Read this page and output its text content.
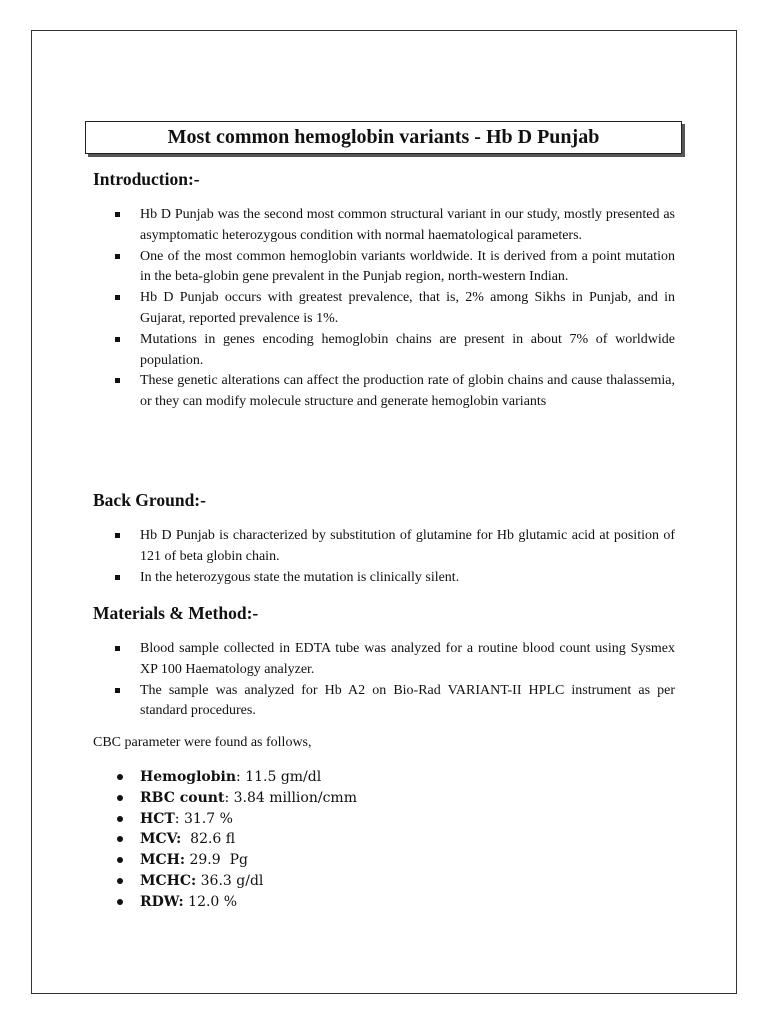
Most common hemoglobin variants - Hb D Punjab
Introduction:-
Hb D Punjab was the second most common structural variant in our study, mostly presented as asymptomatic heterozygous condition with normal haematological parameters.
One of the most common hemoglobin variants worldwide. It is derived from a point mutation in the beta-globin gene prevalent in the Punjab region, north-western Indian.
Hb D Punjab occurs with greatest prevalence, that is, 2% among Sikhs in Punjab, and in Gujarat, reported prevalence is 1%.
Mutations in genes encoding hemoglobin chains are present in about 7% of worldwide population.
These genetic alterations can affect the production rate of globin chains and cause thalassemia, or they can modify molecule structure and generate hemoglobin variants
Back Ground:-
Hb D Punjab is characterized by substitution of glutamine for Hb glutamic acid at position of 121 of beta globin chain.
In the heterozygous state the mutation is clinically silent.
Materials & Method:-
Blood sample collected in EDTA tube was analyzed for a routine blood count using Sysmex XP 100 Haematology analyzer.
The sample was analyzed for Hb A2 on Bio-Rad VARIANT-II HPLC instrument as per standard procedures.

CBC parameter were found as follows,

Hemoglobin: 11.5 gm/dl
RBC count: 3.84 million/cmm
HCT: 31.7 %
MCV:  82.6 fl
MCH: 29.9  Pg
MCHC: 36.3 g/dl
RDW: 12.0 %
